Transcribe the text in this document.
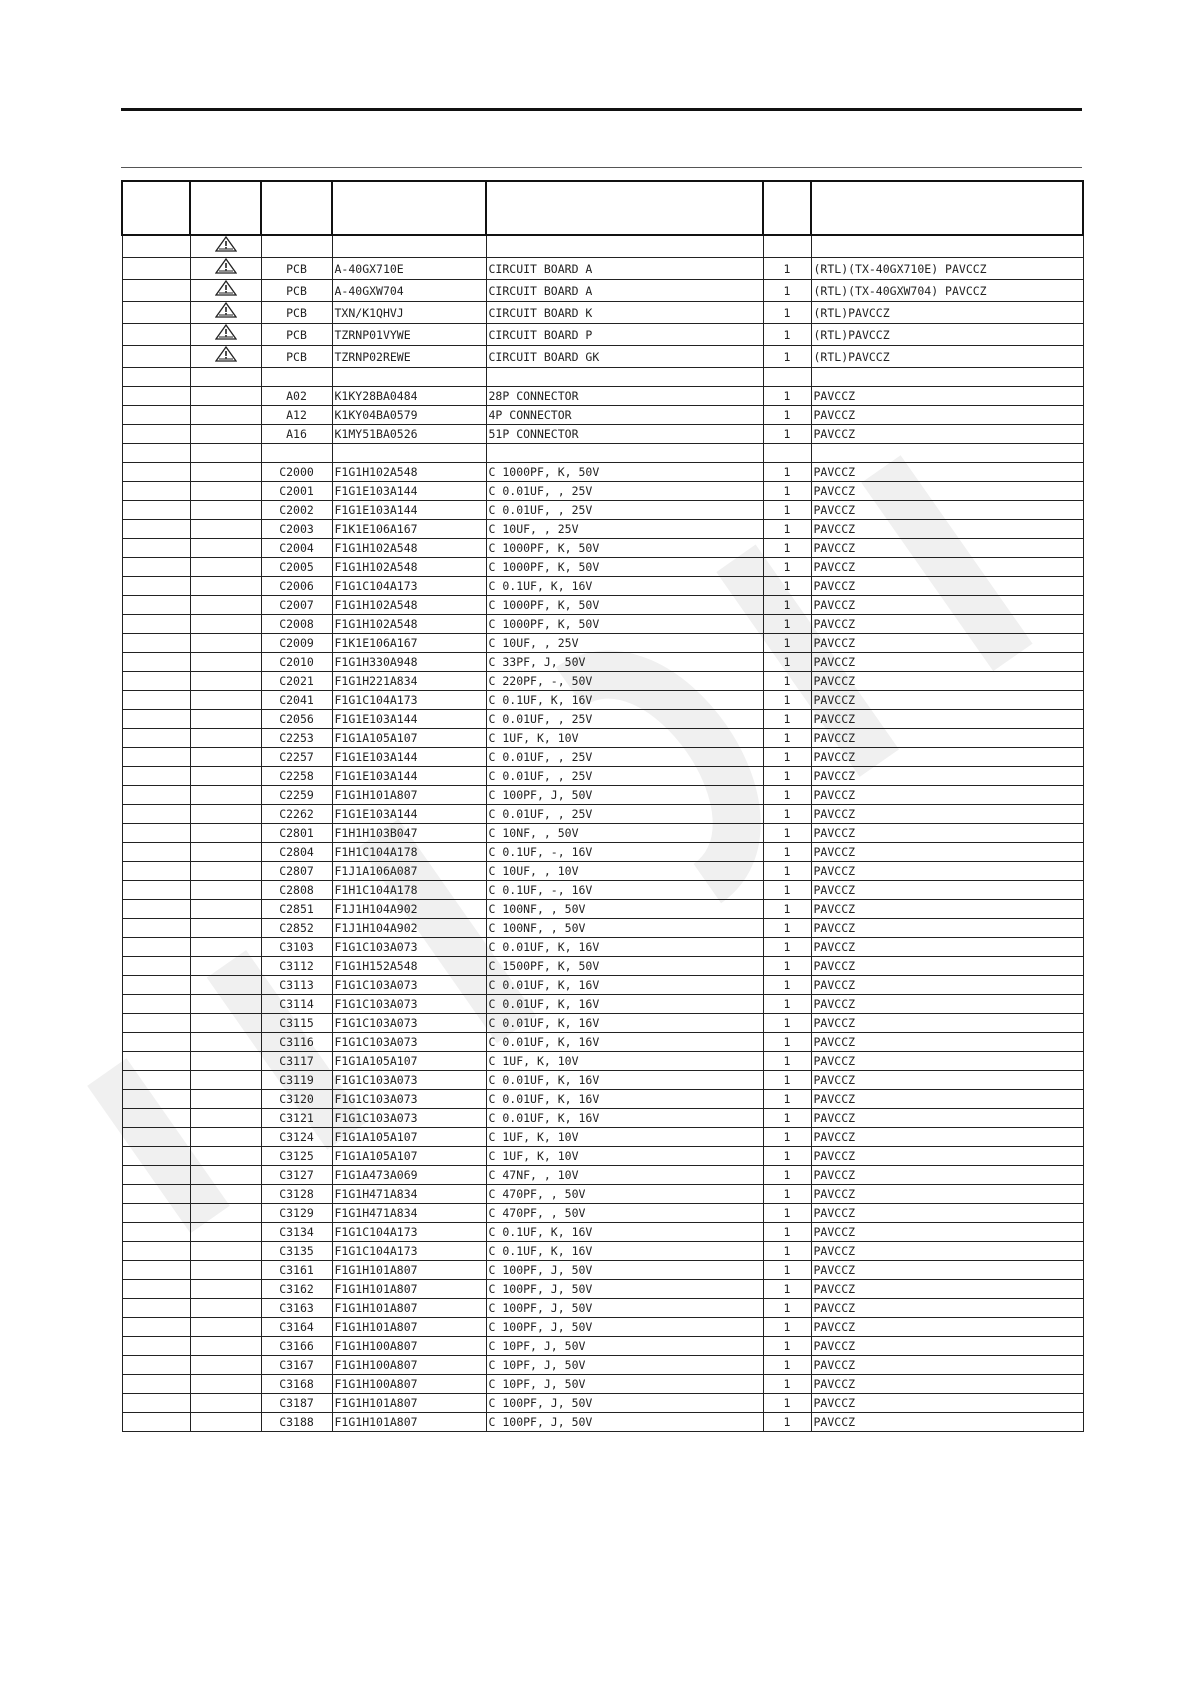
		PCB	A-40GX710E	CIRCUIT BOARD A	1	(RTL)(TX-40GX710E) PAVCCZ
		PCB	A-40GXW704	CIRCUIT BOARD A	1	(RTL)(TX-40GXW704) PAVCCZ
		PCB	TXN/K1QHVJ	CIRCUIT BOARD K	1	(RTL)PAVCCZ
		PCB	TZRNP01VYWE	CIRCUIT BOARD P	1	(RTL)PAVCCZ
		PCB	TZRNP02REWE	CIRCUIT BOARD GK	1	(RTL)PAVCCZ

		A02	K1KY28BA0484	28P CONNECTOR	1	PAVCCZ
		A12	K1KY04BA0579	4P CONNECTOR	1	PAVCCZ
		A16	K1MY51BA0526	51P CONNECTOR	1	PAVCCZ

		C2000	F1G1H102A548	C 1000PF, K, 50V	1	PAVCCZ
		C2001	F1G1E103A144	C 0.01UF, , 25V	1	PAVCCZ
		C2002	F1G1E103A144	C 0.01UF, , 25V	1	PAVCCZ
		C2003	F1K1E106A167	C 10UF, , 25V	1	PAVCCZ
		C2004	F1G1H102A548	C 1000PF, K, 50V	1	PAVCCZ
		C2005	F1G1H102A548	C 1000PF, K, 50V	1	PAVCCZ
		C2006	F1G1C104A173	C 0.1UF, K, 16V	1	PAVCCZ
		C2007	F1G1H102A548	C 1000PF, K, 50V	1	PAVCCZ
		C2008	F1G1H102A548	C 1000PF, K, 50V	1	PAVCCZ
		C2009	F1K1E106A167	C 10UF, , 25V	1	PAVCCZ
		C2010	F1G1H330A948	C 33PF, J, 50V	1	PAVCCZ
		C2021	F1G1H221A834	C 220PF, -, 50V	1	PAVCCZ
		C2041	F1G1C104A173	C 0.1UF, K, 16V	1	PAVCCZ
		C2056	F1G1E103A144	C 0.01UF, , 25V	1	PAVCCZ
		C2253	F1G1A105A107	C 1UF, K, 10V	1	PAVCCZ
		C2257	F1G1E103A144	C 0.01UF, , 25V	1	PAVCCZ
		C2258	F1G1E103A144	C 0.01UF, , 25V	1	PAVCCZ
		C2259	F1G1H101A807	C 100PF, J, 50V	1	PAVCCZ
		C2262	F1G1E103A144	C 0.01UF, , 25V	1	PAVCCZ
		C2801	F1H1H103B047	C 10NF, , 50V	1	PAVCCZ
		C2804	F1H1C104A178	C 0.1UF, -, 16V	1	PAVCCZ
		C2807	F1J1A106A087	C 10UF, , 10V	1	PAVCCZ
		C2808	F1H1C104A178	C 0.1UF, -, 16V	1	PAVCCZ
		C2851	F1J1H104A902	C 100NF, , 50V	1	PAVCCZ
		C2852	F1J1H104A902	C 100NF, , 50V	1	PAVCCZ
		C3103	F1G1C103A073	C 0.01UF, K, 16V	1	PAVCCZ
		C3112	F1G1H152A548	C 1500PF, K, 50V	1	PAVCCZ
		C3113	F1G1C103A073	C 0.01UF, K, 16V	1	PAVCCZ
		C3114	F1G1C103A073	C 0.01UF, K, 16V	1	PAVCCZ
		C3115	F1G1C103A073	C 0.01UF, K, 16V	1	PAVCCZ
		C3116	F1G1C103A073	C 0.01UF, K, 16V	1	PAVCCZ
		C3117	F1G1A105A107	C 1UF, K, 10V	1	PAVCCZ
		C3119	F1G1C103A073	C 0.01UF, K, 16V	1	PAVCCZ
		C3120	F1G1C103A073	C 0.01UF, K, 16V	1	PAVCCZ
		C3121	F1G1C103A073	C 0.01UF, K, 16V	1	PAVCCZ
		C3124	F1G1A105A107	C 1UF, K, 10V	1	PAVCCZ
		C3125	F1G1A105A107	C 1UF, K, 10V	1	PAVCCZ
		C3127	F1G1A473A069	C 47NF, , 10V	1	PAVCCZ
		C3128	F1G1H471A834	C 470PF, , 50V	1	PAVCCZ
		C3129	F1G1H471A834	C 470PF, , 50V	1	PAVCCZ
		C3134	F1G1C104A173	C 0.1UF, K, 16V	1	PAVCCZ
		C3135	F1G1C104A173	C 0.1UF, K, 16V	1	PAVCCZ
		C3161	F1G1H101A807	C 100PF, J, 50V	1	PAVCCZ
		C3162	F1G1H101A807	C 100PF, J, 50V	1	PAVCCZ
		C3163	F1G1H101A807	C 100PF, J, 50V	1	PAVCCZ
		C3164	F1G1H101A807	C 100PF, J, 50V	1	PAVCCZ
		C3166	F1G1H100A807	C 10PF, J, 50V	1	PAVCCZ
		C3167	F1G1H100A807	C 10PF, J, 50V	1	PAVCCZ
		C3168	F1G1H100A807	C 10PF, J, 50V	1	PAVCCZ
		C3187	F1G1H101A807	C 100PF, J, 50V	1	PAVCCZ
		C3188	F1G1H101A807	C 100PF, J, 50V	1	PAVCCZ
